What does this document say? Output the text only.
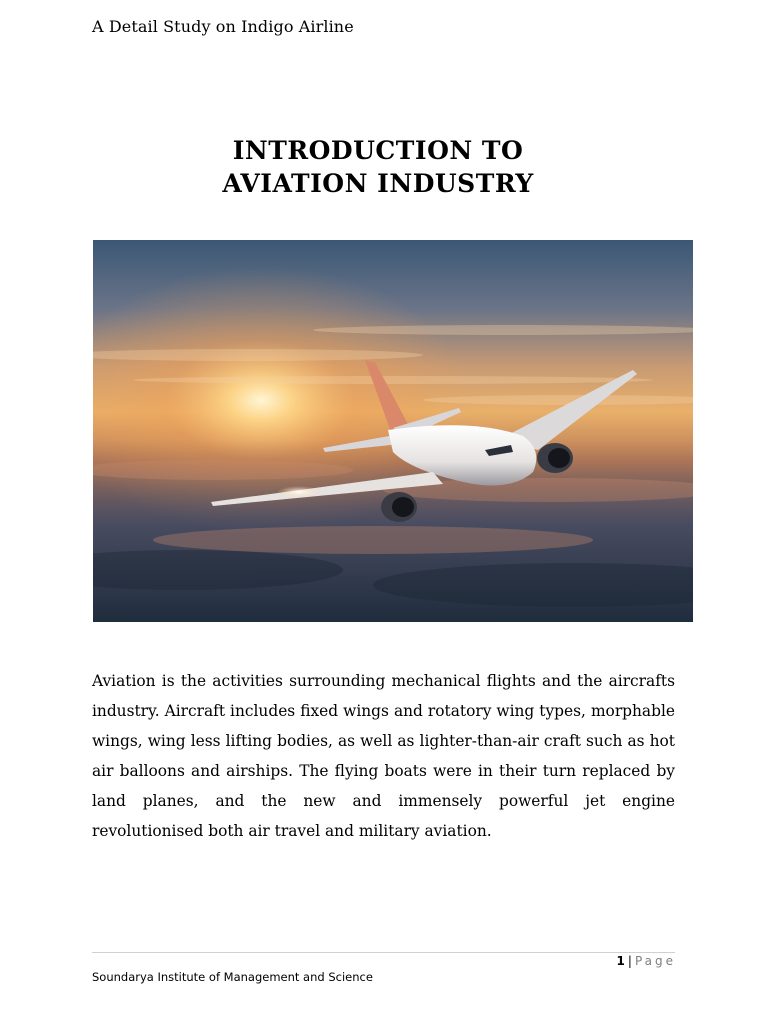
A Detail Study on Indigo Airline
INTRODUCTION TO
AVIATION INDUSTRY
Aviation is the activities surrounding mechanical flights and the aircrafts industry. Aircraft includes fixed wings and rotatory wing types, morphable wings, wing less lifting bodies, as well as lighter-than-air craft such as hot air balloons and airships. The flying boats were in their turn replaced by land planes, and the new and immensely powerful jet engine revolutionised both air travel and military aviation.
1 | Page
Soundarya Institute of Management and Science
